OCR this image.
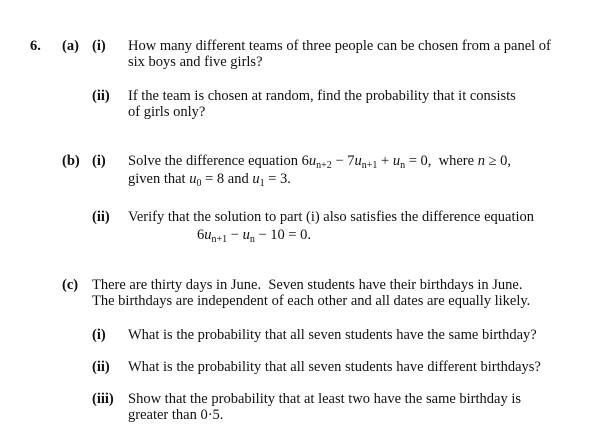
6. (a) (i) How many different teams of three people can be chosen from a panel of
six boys and five girls?
(ii) If the team is chosen at random, find the probability that it consists
of girls only?
(b) (i) Solve the difference equation $6u_{n+2} - 7u_{n+1} + u_n = 0$,  where n ≥ 0,
given that $u_0 = 8$ and $u_1 = 3$.
(ii) Verify that the solution to part (i) also satisfies the difference equation
$6u_{n+1} - u_n - 10 = 0$.
(c) There are thirty days in June.  Seven students have their birthdays in June.
The birthdays are independent of each other and all dates are equally likely.
(i) What is the probability that all seven students have the same birthday?
(ii) What is the probability that all seven students have different birthdays?
(iii) Show that the probability that at least two have the same birthday is
greater than 0·5.
